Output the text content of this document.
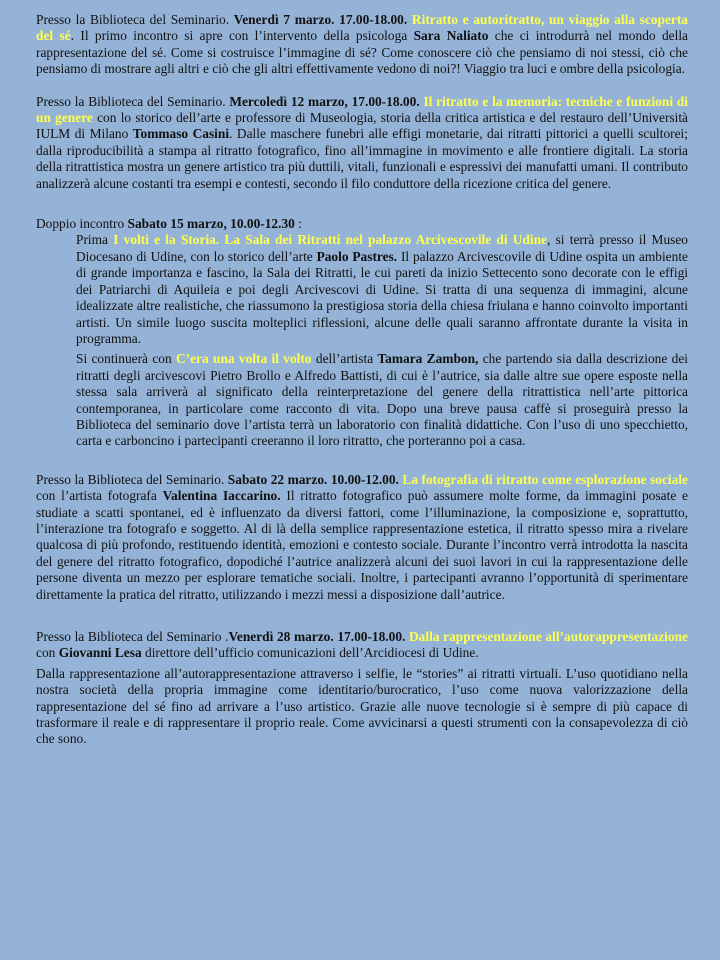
Presso la Biblioteca del Seminario. Venerdì 7 marzo. 17.00-18.00. Ritratto e autoritratto, un viaggio alla scoperta del sé. Il primo incontro si apre con l’intervento della psicologa Sara Naliato che ci introdurrà nel mondo della rappresentazione del sé. Come si costruisce l’immagine di sé? Come conoscere ciò che pensiamo di noi stessi, ciò che pensiamo di mostrare agli altri e ciò che gli altri effettivamente vedono di noi?! Viaggio tra luci e ombre della psicologia.

Presso la Biblioteca del Seminario. Mercoledì 12 marzo, 17.00-18.00. Il ritratto e la memoria: tecniche e funzioni di un genere con lo storico dell’arte e professore di Museologia, storia della critica artistica e del restauro dell’Università IULM di Milano Tommaso Casini. Dalle maschere funebri alle effigi monetarie, dai ritratti pittorici a quelli scultorei; dalla riproducibilità a stampa al ritratto fotografico, fino all’immagine in movimento e alle frontiere digitali. La storia della ritrattistica mostra un genere artistico tra più duttili, vitali, funzionali e espressivi dei manufatti umani. Il contributo analizzerà alcune costanti tra esempi e contesti, secondo il filo conduttore della ricezione critica del genere.

Doppio incontro Sabato 15 marzo, 10.00-12.30 :

Prima I volti e la Storia. La Sala dei Ritratti nel palazzo Arcivescovile di Udine, si terrà presso il Museo Diocesano di Udine, con lo storico dell’arte Paolo Pastres. Il palazzo Arcivescovile di Udine ospita un ambiente di grande importanza e fascino, la Sala dei Ritratti, le cui pareti da inizio Settecento sono decorate con le effigi dei Patriarchi di Aquileia e poi degli Arcivescovi di Udine. Si tratta di una sequenza di immagini, alcune idealizzate altre realistiche, che riassumono la prestigiosa storia della chiesa friulana e hanno coinvolto importanti artisti. Un simile luogo suscita molteplici riflessioni, alcune delle quali saranno affrontate durante la visita in programma.

Si continuerà con C’era una volta il volto dell’artista Tamara Zambon, che partendo sia dalla descrizione dei ritratti degli arcivescovi Pietro Brollo e Alfredo Battisti, di cui è l’autrice, sia dalle altre sue opere esposte nella stessa sala arriverà al significato della reinterpretazione del genere della ritrattistica nell’arte pittorica contemporanea, in particolare come racconto di vita. Dopo una breve pausa caffè si proseguirà presso la Biblioteca del seminario dove l’artista terrà un laboratorio con finalità didattiche. Con l’uso di uno specchietto, carta e carboncino i partecipanti creeranno il loro ritratto, che porteranno poi a casa.

Presso la Biblioteca del Seminario. Sabato 22 marzo. 10.00-12.00. La fotografia di ritratto come esplorazione sociale con l’artista fotografa Valentina Iaccarino. Il ritratto fotografico può assumere molte forme, da immagini posate e studiate a scatti spontanei, ed è influenzato da diversi fattori, come l’illuminazione, la composizione e, soprattutto, l’interazione tra fotografo e soggetto. Al di là della semplice rappresentazione estetica, il ritratto spesso mira a rivelare qualcosa di più profondo, restituendo identità, emozioni e contesto sociale. Durante l’incontro verrà introdotta la nascita del genere del ritratto fotografico, dopodiché l’autrice analizzerà alcuni dei suoi lavori in cui la rappresentazione delle persone diventa un mezzo per esplorare tematiche sociali. Inoltre, i partecipanti avranno l’opportunità di sperimentare direttamente la pratica del ritratto, utilizzando i mezzi messi a disposizione dall’autrice.

Presso la Biblioteca del Seminario .Venerdì 28 marzo. 17.00-18.00. Dalla rappresentazione all’autorappresentazione con Giovanni Lesa direttore dell’ufficio comunicazioni dell’Arcidiocesi di Udine.

Dalla rappresentazione all’autorappresentazione attraverso i selfie, le “stories” ai ritratti virtuali. L’uso quotidiano nella nostra società della propria immagine come identitario/burocratico, l’uso come nuova valorizzazione della rappresentazione del sé fino ad arrivare a l’uso artistico. Grazie alle nuove tecnologie si è sempre di più capace di trasformare il reale e di rappresentare il proprio reale. Come avvicinarsi a questi strumenti con la consapevolezza di ciò che sono.
